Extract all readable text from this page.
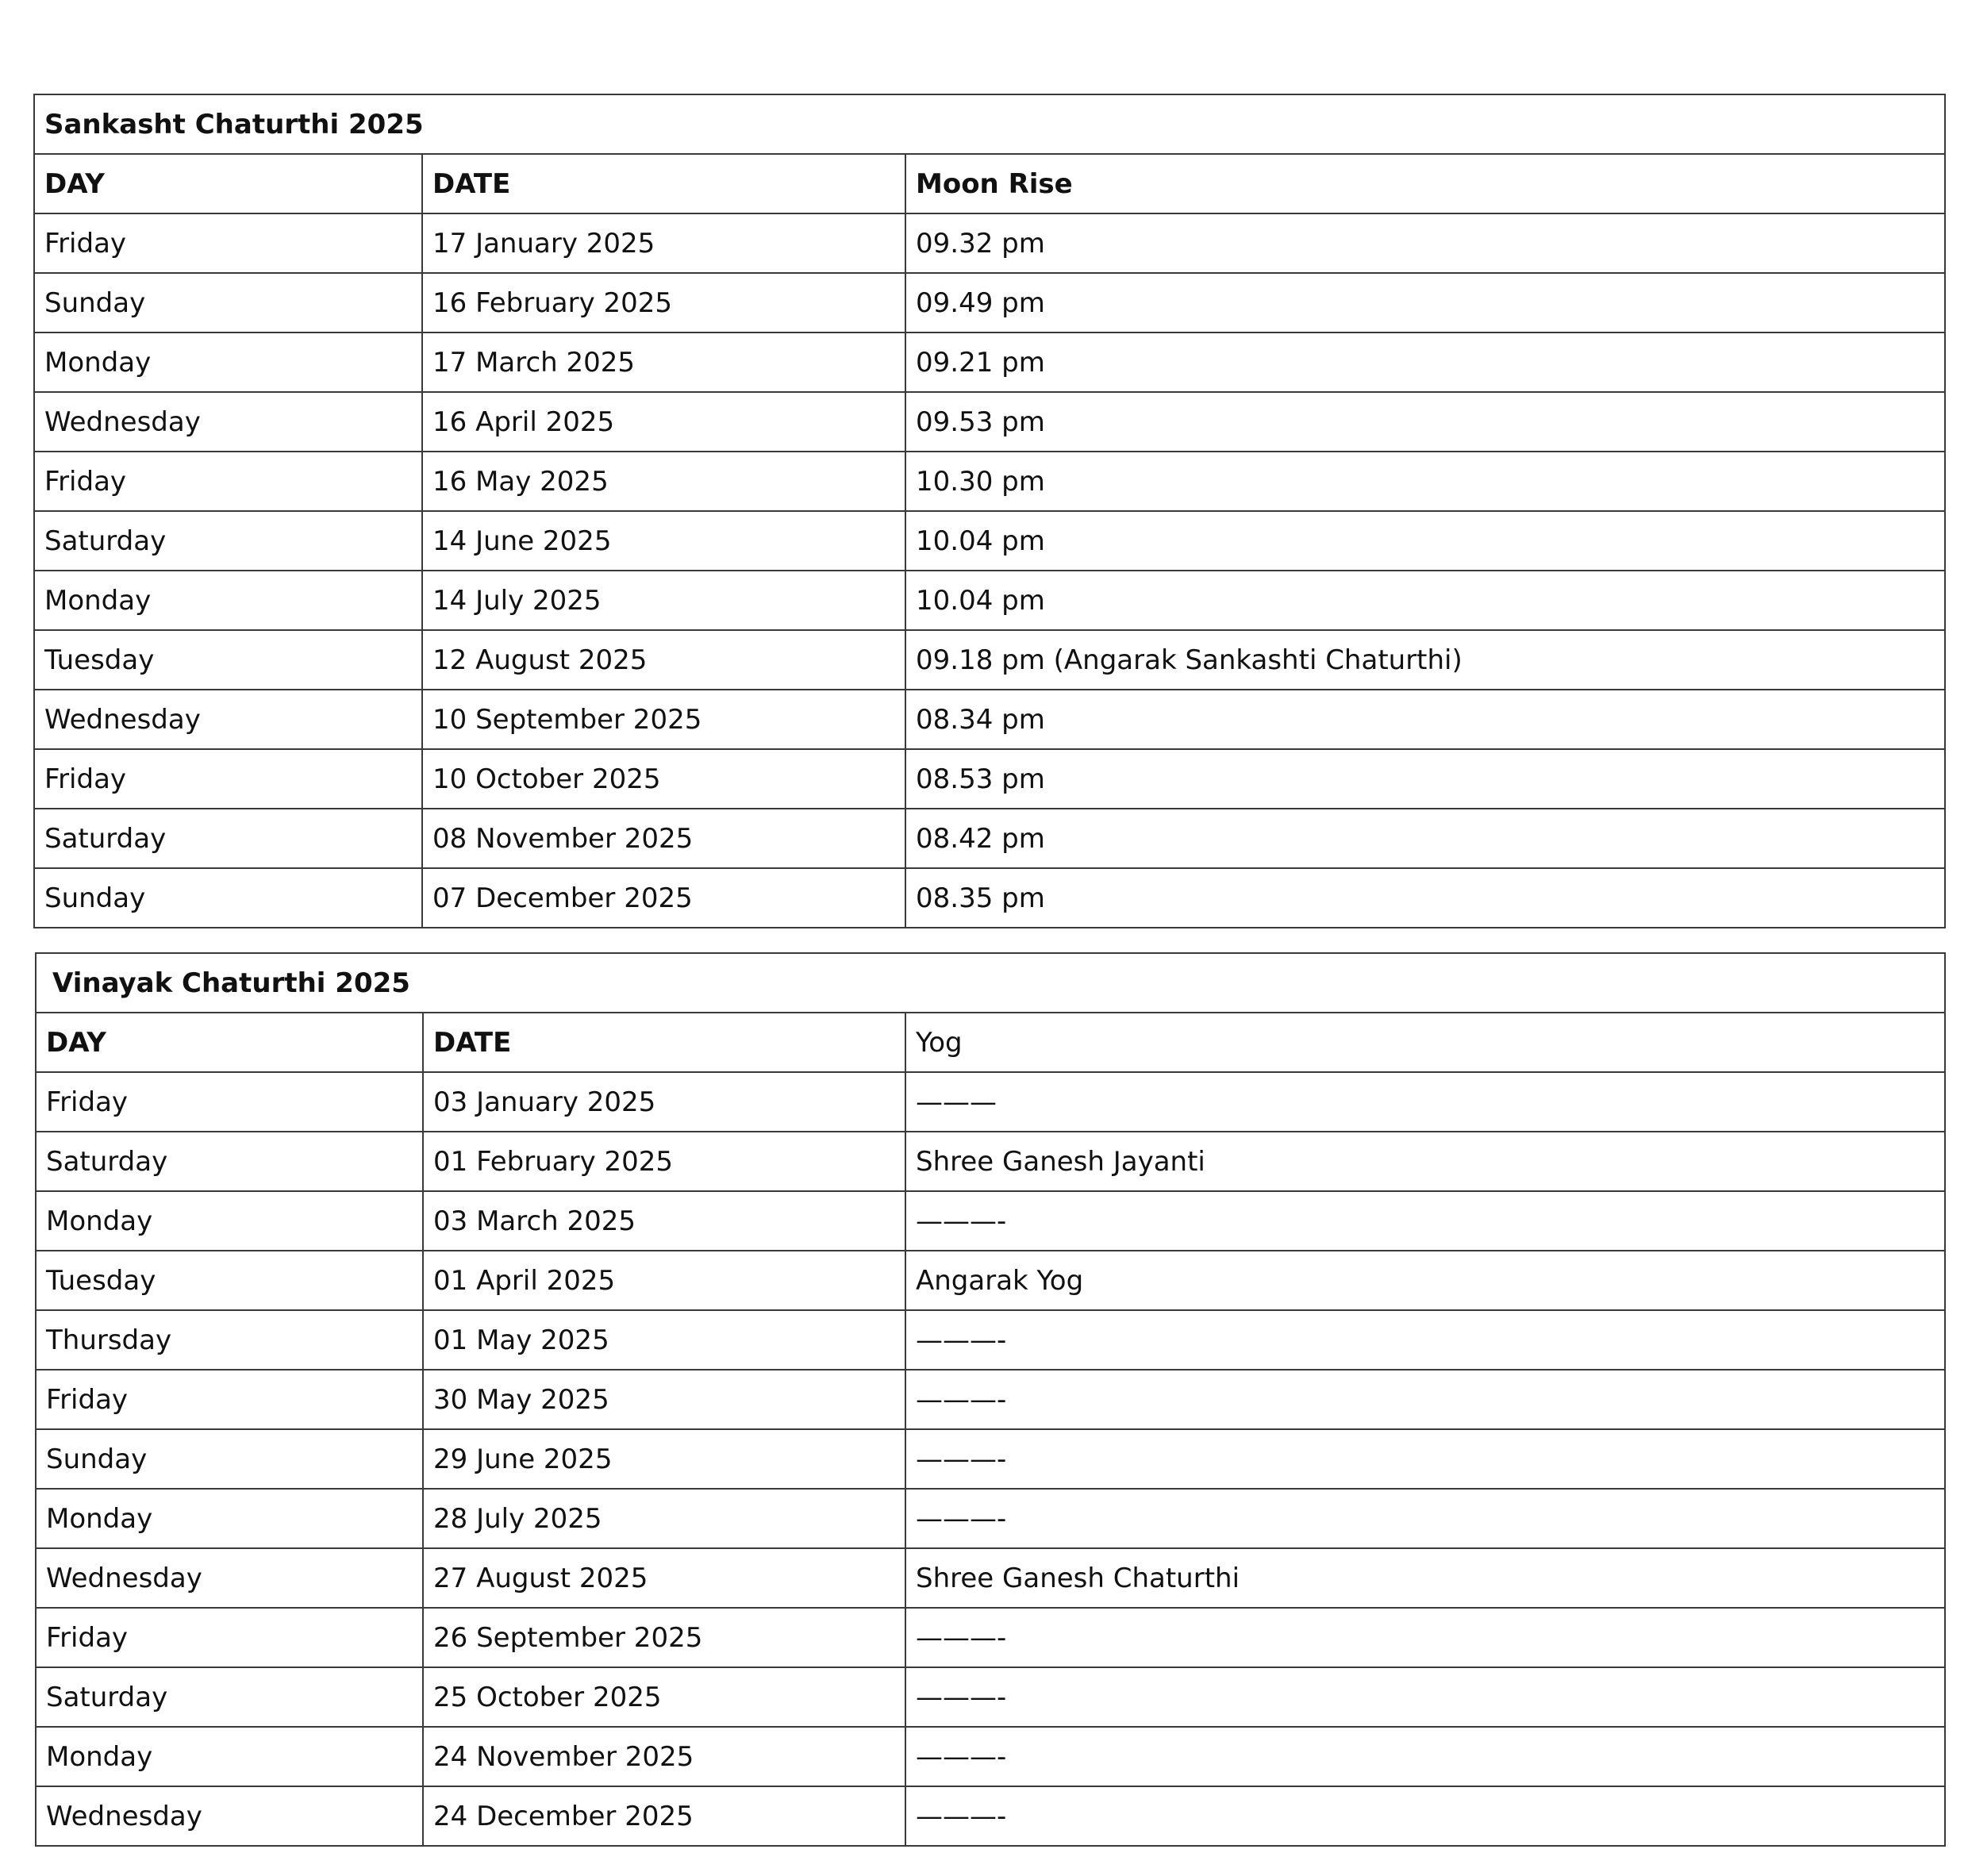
Sankasht Chaturthi 2025		
DAY	DATE	Moon Rise
Friday	17 January 2025	09.32 pm
Sunday	16 February 2025	09.49 pm
Monday	17 March 2025	09.21 pm
Wednesday	16 April 2025	09.53 pm
Friday	16 May 2025	10.30 pm
Saturday	14 June 2025	10.04 pm
Monday	14 July 2025	10.04 pm
Tuesday	12 August 2025	09.18 pm (Angarak Sankashti Chaturthi)
Wednesday	10 September 2025	08.34 pm
Friday	10 October 2025	08.53 pm
Saturday	08 November 2025	08.42 pm
Sunday	07 December 2025	08.35 pm
Vinayak Chaturthi 2025		
DAY	DATE	Yog
Friday	03 January 2025	———
Saturday	01 February 2025	Shree Ganesh Jayanti
Monday	03 March 2025	———-
Tuesday	01 April 2025	Angarak Yog
Thursday	01 May 2025	———-
Friday	30 May 2025	———-
Sunday	29 June 2025	———-
Monday	28 July 2025	———-
Wednesday	27 August 2025	Shree Ganesh Chaturthi
Friday	26 September 2025	———-
Saturday	25 October 2025	———-
Monday	24 November 2025	———-
Wednesday	24 December 2025	———-
